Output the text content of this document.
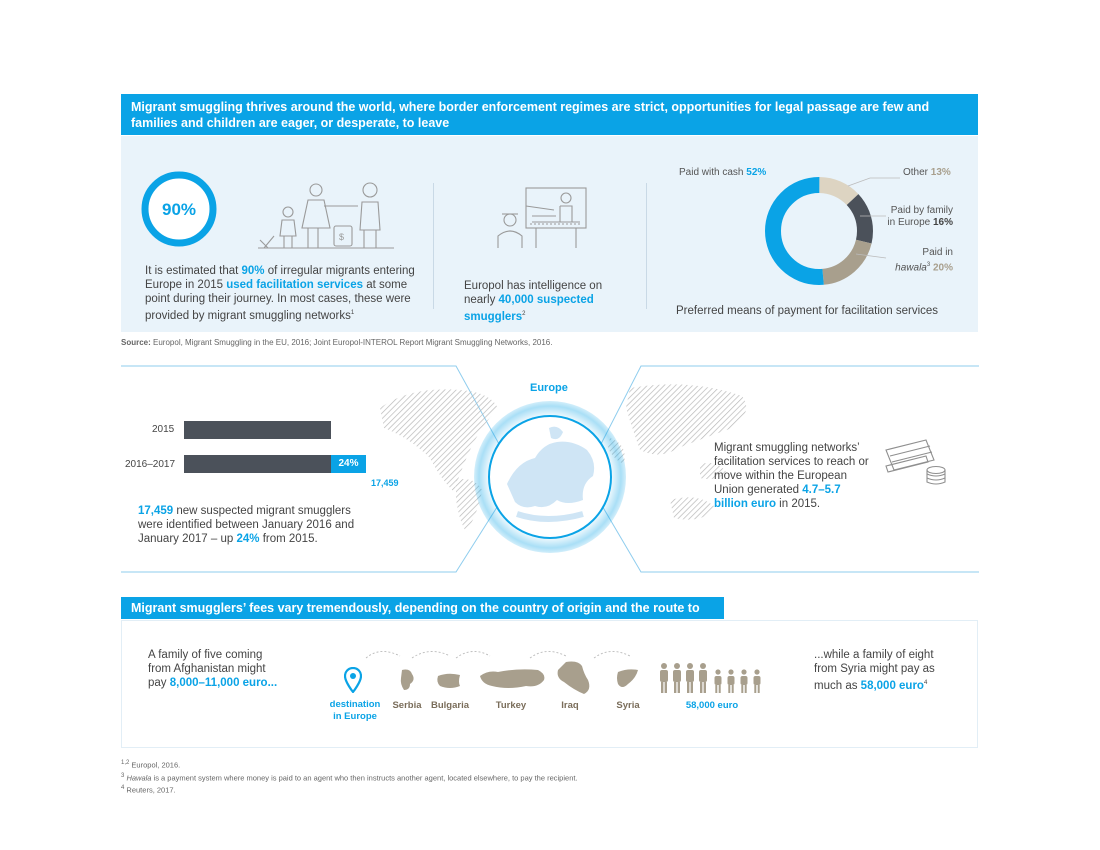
Migrant smuggling thrives around the world, where border enforcement regimes are strict, opportunities for legal passage are few and families and children are eager, or desperate, to leave
90%
$
It is estimated that 90% of irregular migrants entering Europe in 2015 used facilitation services at some point during their journey. In most cases, these were provided by migrant smuggling networks$^1$
Europol has intelligence on nearly 40,000 suspected smugglers$^2$
Paid with cash 52%	Other 13%
Paid by family in Europe 16%
Paid in
hawala$^3$ 20%
Preferred means of payment for facilitation services
Source: Europol, Migrant Smuggling in the EU, 2016; Joint Europol-INTEROL Report Migrant Smuggling Networks, 2016.
Europe
2015
2016–2017	24%
17,459
17,459 new suspected migrant smugglers were identified between January 2016 and January 2017 – up 24% from 2015.
Migrant smuggling networks’ facilitation services to reach or move within the European Union generated 4.7–5.7 billion euro in 2015.
Migrant smugglers’ fees vary tremendously, depending on the country of origin and the route to Europe
A family of five coming from Afghanistan might pay 8,000–11,000 euro...
...while a family of eight from Syria might pay as much as 58,000 euro$^4$
destination in Europe
Serbia Bulgaria	Turkey	Iraq	Syria	58,000 euro
$^{1,2}$ Europol, 2016.
$^3$ Hawala is a payment system where money is paid to an agent who then instructs another agent, located elsewhere, to pay the recipient.
$^4$ Reuters, 2017.
